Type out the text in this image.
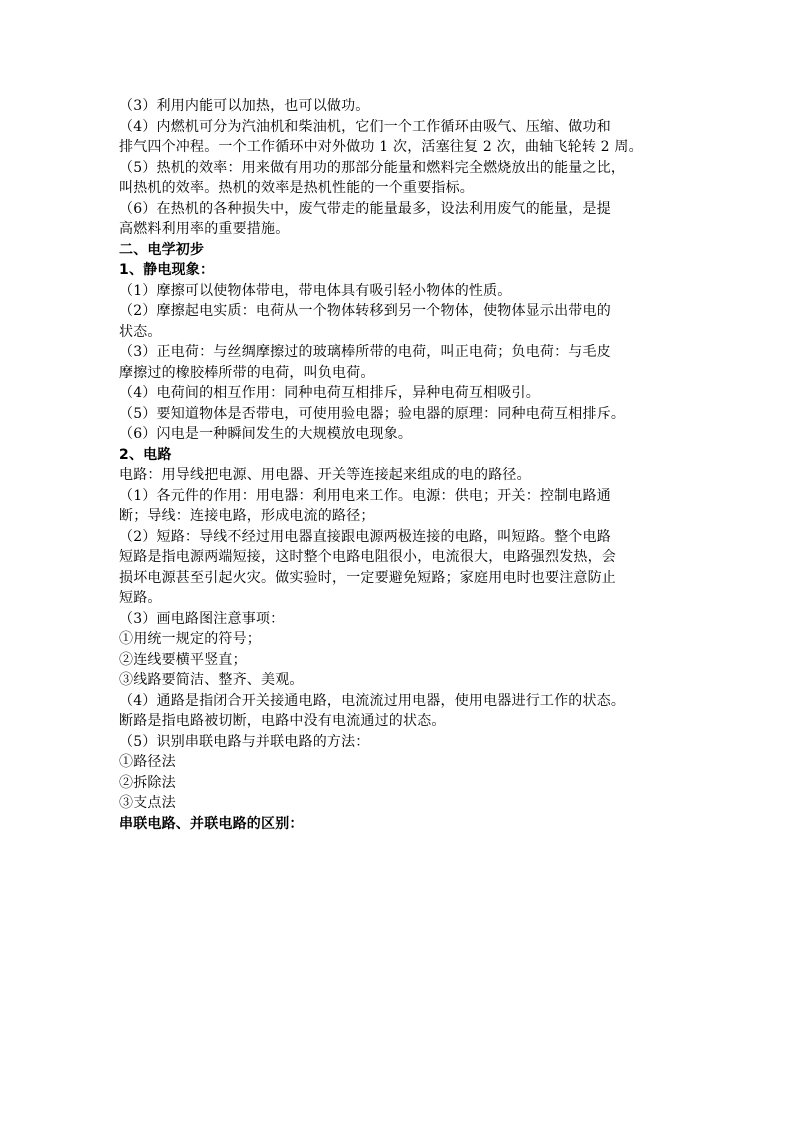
（3）利用内能可以加热，也可以做功。
（4）内燃机可分为汽油机和柴油机，它们一个工作循环由吸气、压缩、做功和
排气四个冲程。一个工作循环中对外做功 1 次，活塞往复 2 次，曲轴飞轮转 2 周。
（5）热机的效率：用来做有用功的那部分能量和燃料完全燃烧放出的能量之比，
叫热机的效率。热机的效率是热机性能的一个重要指标。
（6）在热机的各种损失中，废气带走的能量最多，设法利用废气的能量，是提
高燃料利用率的重要措施。
二、电学初步
1、静电现象：
（1）摩擦可以使物体带电，带电体具有吸引轻小物体的性质。
（2）摩擦起电实质：电荷从一个物体转移到另一个物体，使物体显示出带电的
状态。
（3）正电荷：与丝绸摩擦过的玻璃棒所带的电荷，叫正电荷；负电荷：与毛皮
摩擦过的橡胶棒所带的电荷，叫负电荷。
（4）电荷间的相互作用：同种电荷互相排斥，异种电荷互相吸引。
（5）要知道物体是否带电，可使用验电器；验电器的原理：同种电荷互相排斥。
（6）闪电是一种瞬间发生的大规模放电现象。
2、电路
电路：用导线把电源、用电器、开关等连接起来组成的电的路径。
（1）各元件的作用：用电器：利用电来工作。电源：供电；开关：控制电路通
断；导线：连接电路，形成电流的路径；
（2）短路：导线不经过用电器直接跟电源两极连接的电路，叫短路。整个电路
短路是指电源两端短接，这时整个电路电阻很小，电流很大，电路强烈发热，会
损坏电源甚至引起火灾。做实验时，一定要避免短路；家庭用电时也要注意防止
短路。
（3）画电路图注意事项：
①用统一规定的符号；
②连线要横平竖直；
③线路要简洁、整齐、美观。
（4）通路是指闭合开关接通电路，电流流过用电器，使用电器进行工作的状态。
断路是指电路被切断，电路中没有电流通过的状态。
（5）识别串联电路与并联电路的方法：
①路径法
②拆除法
③支点法
串联电路、并联电路的区别：
